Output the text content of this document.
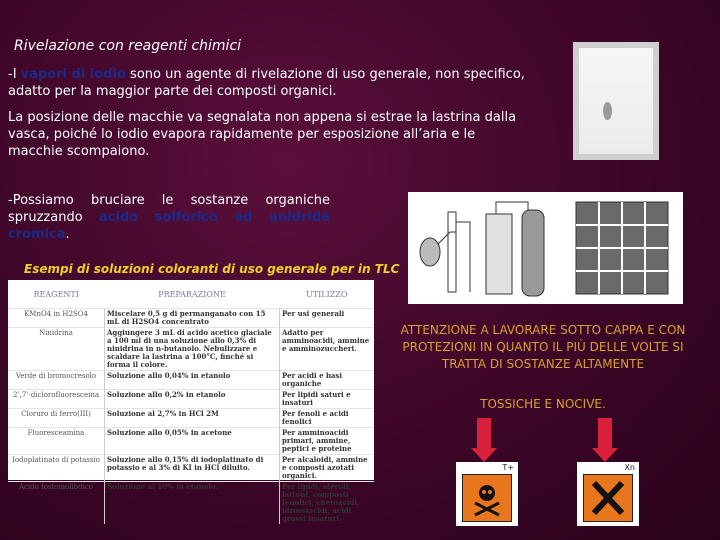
Rivelazione con reagenti chimici
-I vapori di iodio sono un agente di rivelazione di uso generale, non specifico, adatto per la maggior parte dei composti organici.
La posizione delle macchie va segnalata non appena si estrae la lastrina dalla vasca, poiché lo iodio evapora rapidamente per esposizione all’aria e le macchie scompaiono.
-Possiamo bruciare le sostanze organiche spruzzando acido solforico ed anidride cromica.
Esempi di soluzioni coloranti di uso generale per in TLC
REAGENTI	PREPARAZIONE	UTILIZZO
KMnO4 in H2SO4	Miscelare 0,5 g di permanganato con 15 mL di H2SO4 concentrato	Per usi generali
Ninidrina	Aggiungere 3 mL di acido acetico glaciale a 100 ml di una soluzione allo 0,3% di ninidrina in n-butanolo. Nebulizzare e scaldare la lastrina a 100°C, finché si forma il colore.	Adatto per amminoacidi, ammine e amminozuccheri.
Verde di bromocresolo	Soluzione allo 0,04% in etanolo	Per acidi e basi organiche
2’,7’-diclorofluoresceina	Soluzione allo 0,2% in etanolo	Per lipidi saturi e insaturi
Cloruro di ferro(III)	Soluzione al 2,7% in HCl 2M	Per fenoli e acidi fenolici
Fluoresceamina	Soluzione allo 0,05% in acetone	Per amminoacidi primari, ammine, peptici e proteine
Iodoplatinato di potassio	Soluzione allo 0,15% di iodoplatinato di potassio e al 3% di KI in HCl diluito.	Per alcaloidi, ammine e composti azotati organici.
Acido fosfomolibdico	Soluzione al 10% in etanolo.	Per lipidi, steroli, lattoni, composti fenolici, chetoacidi, idrossiacidi, acidi grassi insaturi.
ATTENZIONE A LAVORARE SOTTO CAPPA E CON PROTEZIONI IN QUANTO IL PIÙ DELLE VOLTE SI TRATTA DI SOSTANZE ALTAMENTE
TOSSICHE E NOCIVE.
T+	Xn
